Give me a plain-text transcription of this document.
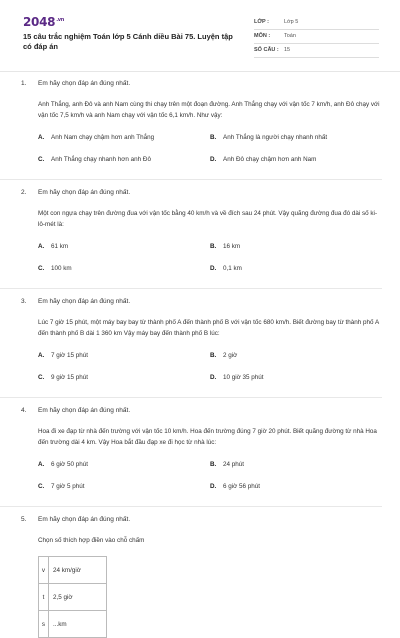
$2048^{.vn}$
15 câu trắc nghiệm Toán lớp 5 Cánh diều Bài 75. Luyện tập có đáp án
LỚP :	Lớp 5
MÔN :	Toán
SỐ CÂU : 15
1. Em hãy chọn đáp án đúng nhất.
Anh Thắng, anh Đô và anh Nam cùng thi chạy trên một đoạn đường. Anh Thắng chạy với vận tốc 7 km/h, anh Đô chạy với vận tốc 7,5 km/h và anh Nam chạy với vận tốc 6,1 km/h. Như vậy:
A. Anh Nam chạy chậm hơn anh Thắng	B. Anh Thắng là người chạy nhanh nhất
C. Anh Thắng chạy nhanh hơn anh Đô	D. Anh Đô chạy chậm hơn anh Nam
2. Em hãy chọn đáp án đúng nhất.
Một con ngựa chạy trên đường đua với vận tốc bằng 40 km/h và về đích sau 24 phút. Vậy quãng đường đua đó dài số ki-lô-mét là:
A. 61 km	B. 16 km
C. 100 km	D. 0,1 km
3. Em hãy chọn đáp án đúng nhất.
Lúc 7 giờ 15 phút, một máy bay bay từ thành phố A đến thành phố B với vận tốc 680 km/h. Biết đường bay từ thành phố A đến thành phố B dài 1 360 km Vậy máy bay đến thành phố B lúc:
A. 7 giờ 15 phút	B. 2 giờ
C. 9 giờ 15 phút	D. 10 giờ 35 phút
4. Em hãy chọn đáp án đúng nhất.
Hoa đi xe đạp từ nhà đến trường với vận tốc 10 km/h. Hoa đến trường đúng 7 giờ 20 phút. Biết quãng đường từ nhà Hoa đến trường dài 4 km. Vậy Hoa bắt đầu đạp xe đi học từ nhà lúc:
A. 6 giờ 50 phút	B. 24 phút
C. 7 giờ 5 phút	D. 6 giờ 56 phút
5. Em hãy chọn đáp án đúng nhất.
Chọn số thích hợp điền vào chỗ chấm
v	24 km/giờ
t	2,5 giờ
s	...km
